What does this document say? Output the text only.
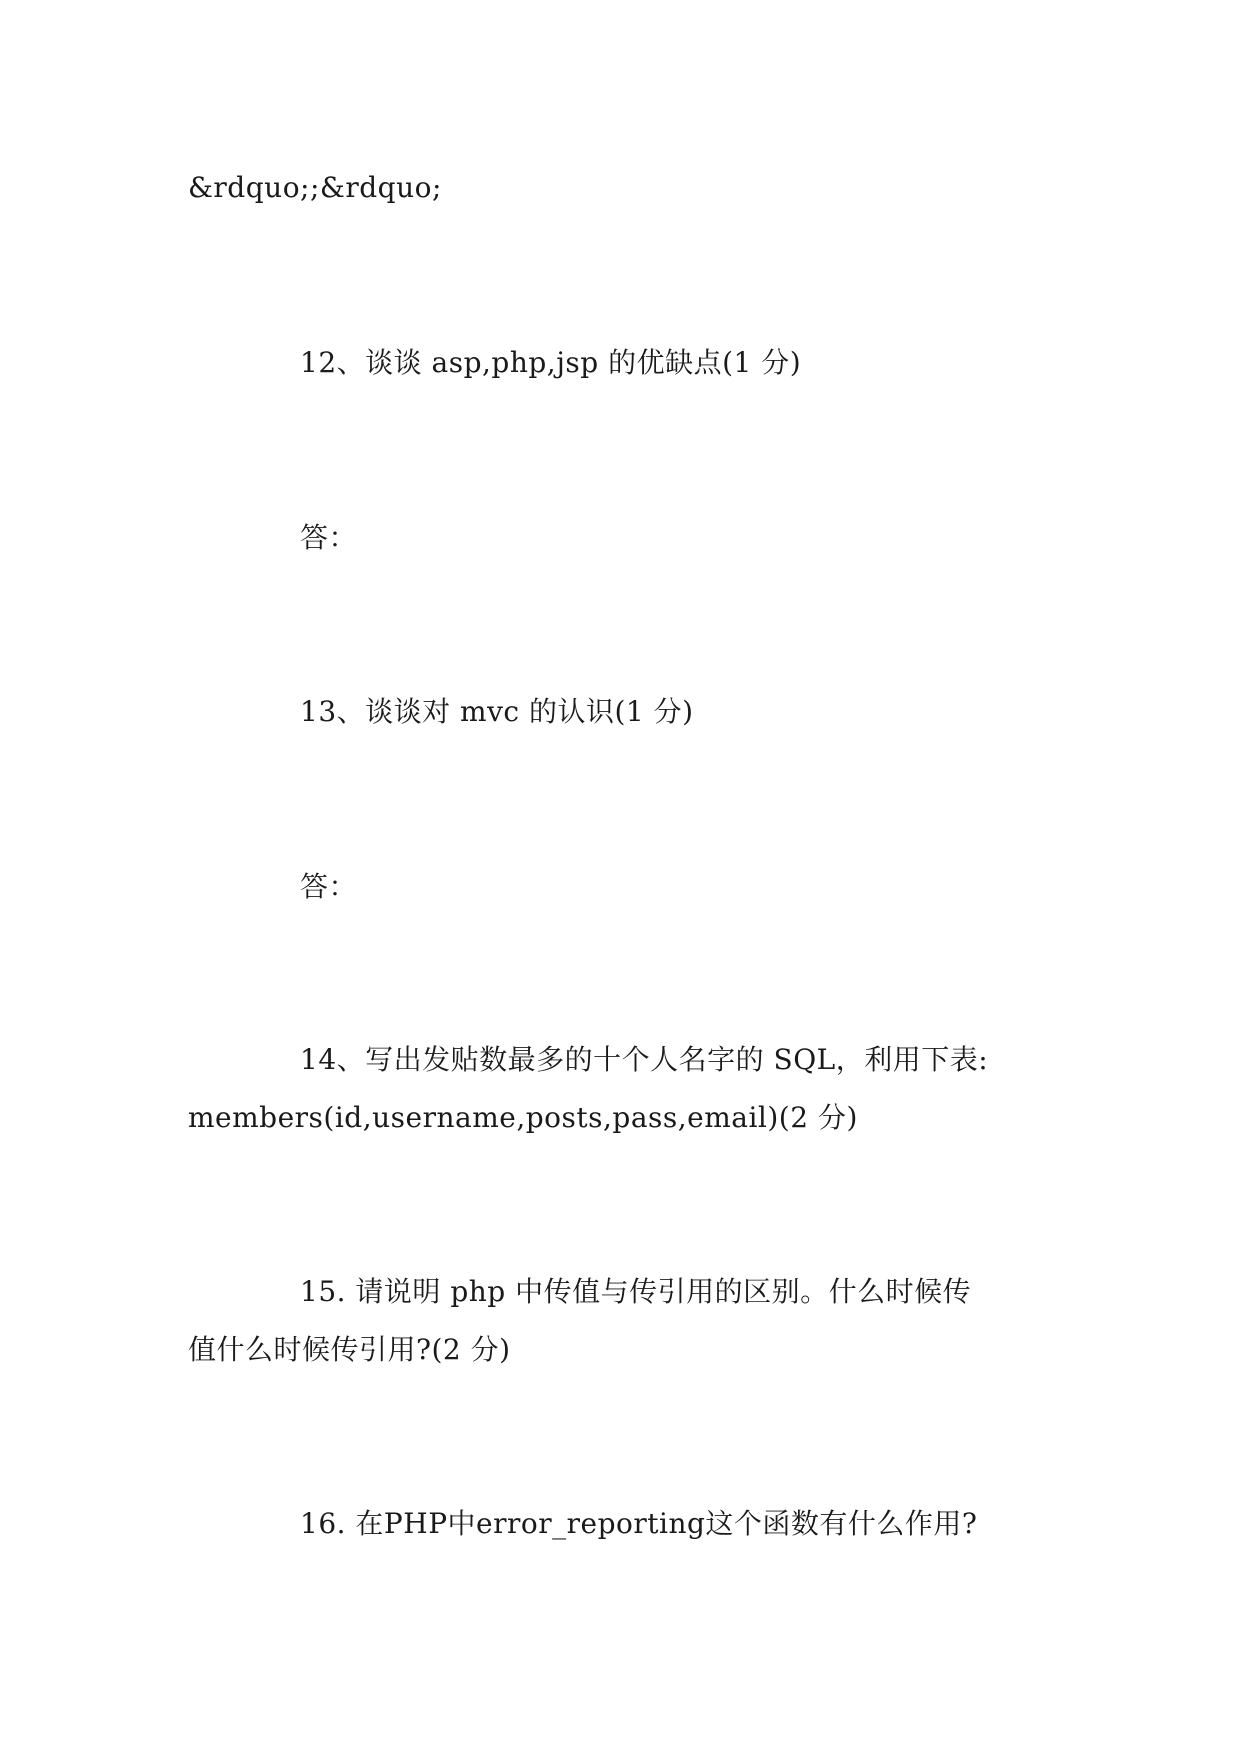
&rdquo;;&rdquo;
12、谈谈 asp,php,jsp 的优缺点(1 分)
答：
13、谈谈对 mvc 的认识(1 分)
答：
14、写出发贴数最多的十个人名字的 SQL，利用下表:
members(id,username,posts,pass,email)(2 分)
15. 请说明 php 中传值与传引用的区别。什么时候传
值什么时候传引用?(2 分)
16. 在PHP中error_reporting这个函数有什么作用?
